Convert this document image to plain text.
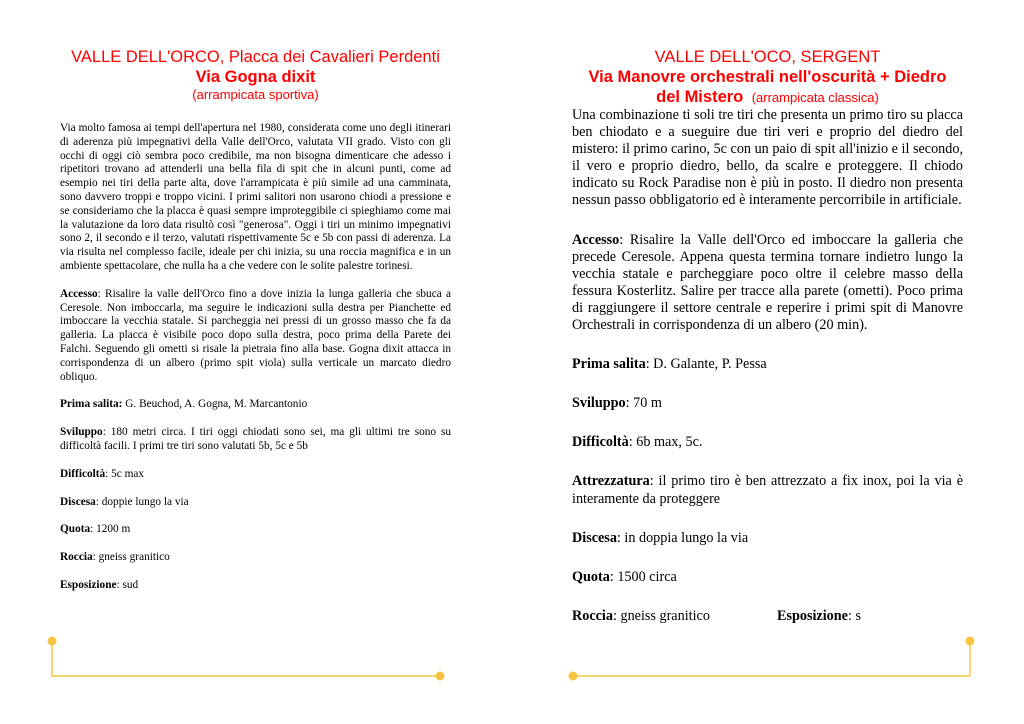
VALLE DELL'ORCO, Placca dei Cavalieri Perdenti
Via Gogna dixit
(arrampicata sportiva)

Via molto famosa ai tempi dell'apertura nel 1980, considerata come uno degli itinerari di aderenza più impegnativi della Valle dell'Orco, valutata VII grado. Visto con gli occhi di oggi ciò sembra poco credibile, ma non bisogna dimenticare che adesso i ripetitori trovano ad attenderli una bella fila di spit che in alcuni punti, come ad esempio nei tiri della parte alta, dove l'arrampicata è più simile ad una camminata, sono davvero troppi e troppo vicini. I primi salitori non usarono chiodi a pressione e se consideriamo che la placca è quasi sempre improteggibile ci spieghiamo come mai la valutazione da loro data risultò così "generosa". Oggi i tiri un minimo impegnativi sono 2, il secondo e il terzo, valutati rispettivamente 5c e 5b con passi di aderenza. La via risulta nel complesso facile, ideale per chi inizia, su una roccia magnifica e in un ambiente spettacolare, che nulla ha a che vedere con le solite palestre torinesi.

Accesso: Risalire la valle dell'Orco fino a dove inizia la lunga galleria che sbuca a Ceresole. Non imboccarla, ma seguire le indicazioni sulla destra per Pianchette ed imboccare la vecchia statale. Si parcheggia nei pressi di un grosso masso che fa da galleria. La placca è visibile poco dopo sulla destra, poco prima della Parete dei Falchi. Seguendo gli ometti si risale la pietraia fino alla base. Gogna dixit attacca in corrispondenza di un albero (primo spit viola) sulla verticale un marcato diedro obliquo.

Prima salita: G. Beuchod, A. Gogna, M. Marcantonio

Sviluppo: 180 metri circa. I tiri oggi chiodati sono sei, ma gli ultimi tre sono su difficoltà facili. I primi tre tiri sono valutati 5b, 5c e 5b

Difficoltà: 5c max

Discesa: doppie lungo la via

Quota: 1200 m

Roccia: gneiss granitico

Esposizione: sud

VALLE DELL'OCO, SERGENT
Via Manovre orchestrali nell'oscurità + Diedro
del Mistero (arrampicata classica)

Una combinazione ti soli tre tiri che presenta un primo tiro su placca ben chiodato e a sueguire due tiri veri e proprio del diedro del mistero: il primo carino, 5c con un paio di spit all'inizio e il secondo, il vero e proprio diedro, bello, da scalre e proteggere. Il chiodo indicato su Rock Paradise non è più in posto. Il diedro non presenta nessun passo obbligatorio ed è interamente percorribile in artificiale.

Accesso: Risalire la Valle dell'Orco ed imboccare la galleria che precede Ceresole. Appena questa termina tornare indietro lungo la vecchia statale e parcheggiare poco oltre il celebre masso della fessura Kosterlitz. Salire per tracce alla parete (ometti). Poco prima di raggiungere il settore centrale e reperire i primi spit di Manovre Orchestrali in corrispondenza di un albero (20 min).

Prima salita: D. Galante, P. Pessa

Sviluppo: 70 m

Difficoltà: 6b max, 5c.

Attrezzatura: il primo tiro è ben attrezzato a fix inox, poi la via è interamente da proteggere

Discesa: in doppia lungo la via

Quota: 1500 circa

Roccia: gneiss granitico	Esposizione: s
